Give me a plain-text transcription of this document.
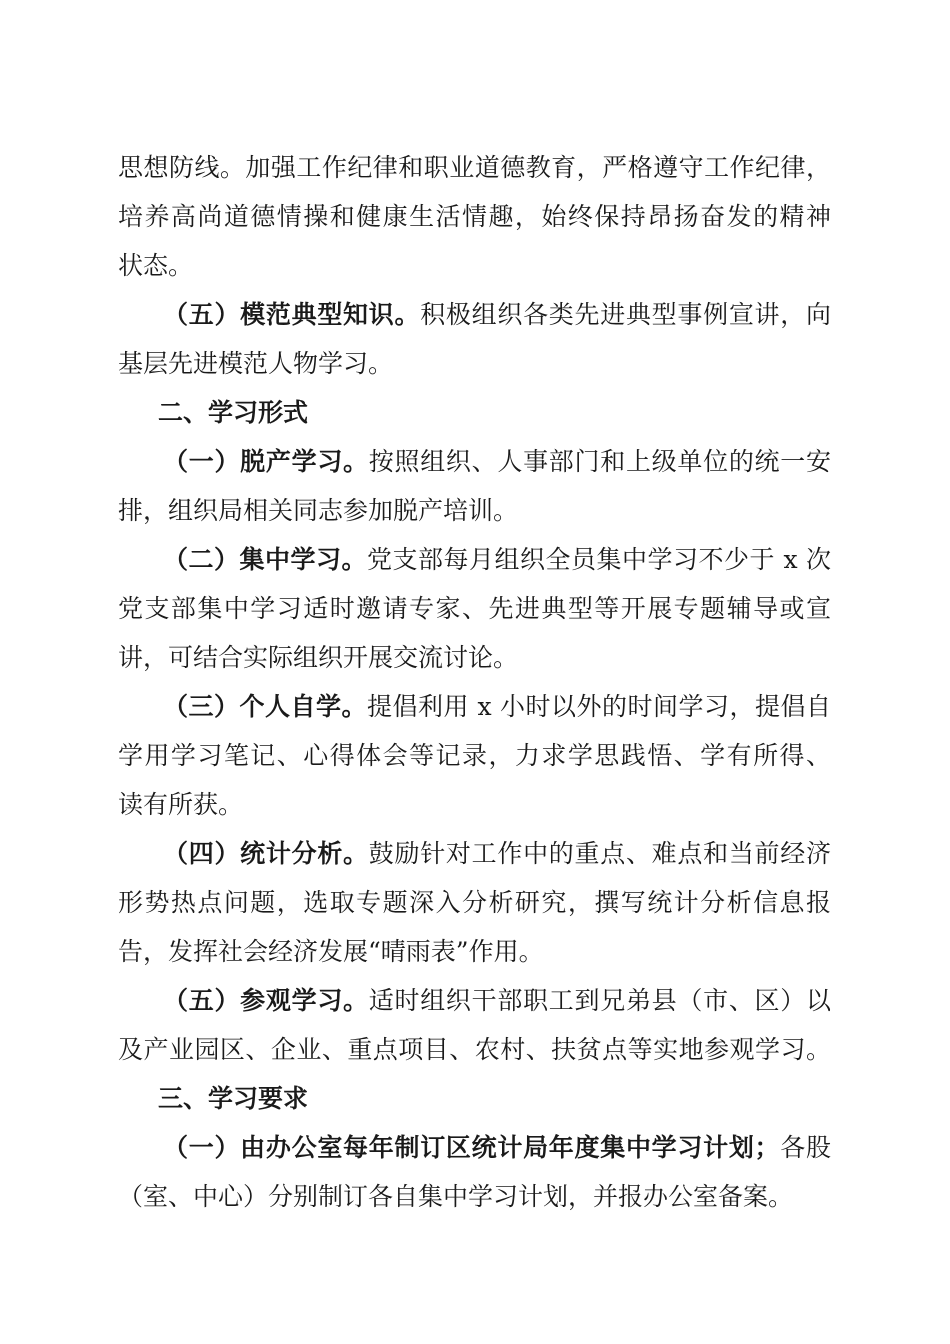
思想防线。加强工作纪律和职业道德教育，严格遵守工作纪律，
培养高尚道德情操和健康生活情趣，始终保持昂扬奋发的精神
状态。
（五）模范典型知识。积极组织各类先进典型事例宣讲，向
基层先进模范人物学习。
二、学习形式
（一）脱产学习。按照组织、人事部门和上级单位的统一安
排，组织局相关同志参加脱产培训。
（二）集中学习。党支部每月组织全员集中学习不少于 x 次
党支部集中学习适时邀请专家、先进典型等开展专题辅导或宣
讲，可结合实际组织开展交流讨论。
（三）个人自学。提倡利用 x 小时以外的时间学习，提倡自
学用学习笔记、心得体会等记录，力求学思践悟、学有所得、
读有所获。
（四）统计分析。鼓励针对工作中的重点、难点和当前经济
形势热点问题，选取专题深入分析研究，撰写统计分析信息报
告，发挥社会经济发展“晴雨表”作用。
（五）参观学习。适时组织干部职工到兄弟县（市、区）以
及产业园区、企业、重点项目、农村、扶贫点等实地参观学习。
三、学习要求
（一）由办公室每年制订区统计局年度集中学习计划；各股
（室、中心）分别制订各自集中学习计划，并报办公室备案。
